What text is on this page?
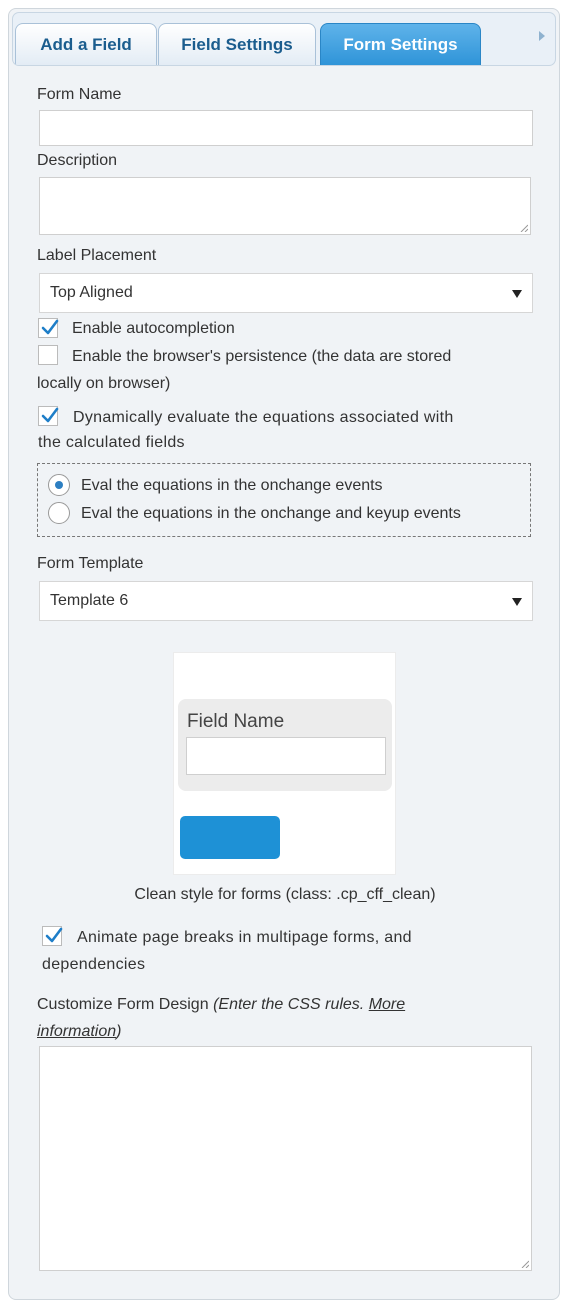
Add a Field	Field Settings	Form Settings
Form Name
Description
Label Placement
Top Aligned
Enable autocompletion
Enable the browser's persistence (the data are stored
locally on browser)
Dynamically evaluate the equations associated with
the calculated fields
Eval the equations in the onchange events
Eval the equations in the onchange and keyup events
Form Template
Template 6
Field Name
Clean style for forms (class: .cp_cff_clean)
Animate page breaks in multipage forms, and
dependencies
Customize Form Design (Enter the CSS rules. More
information)
